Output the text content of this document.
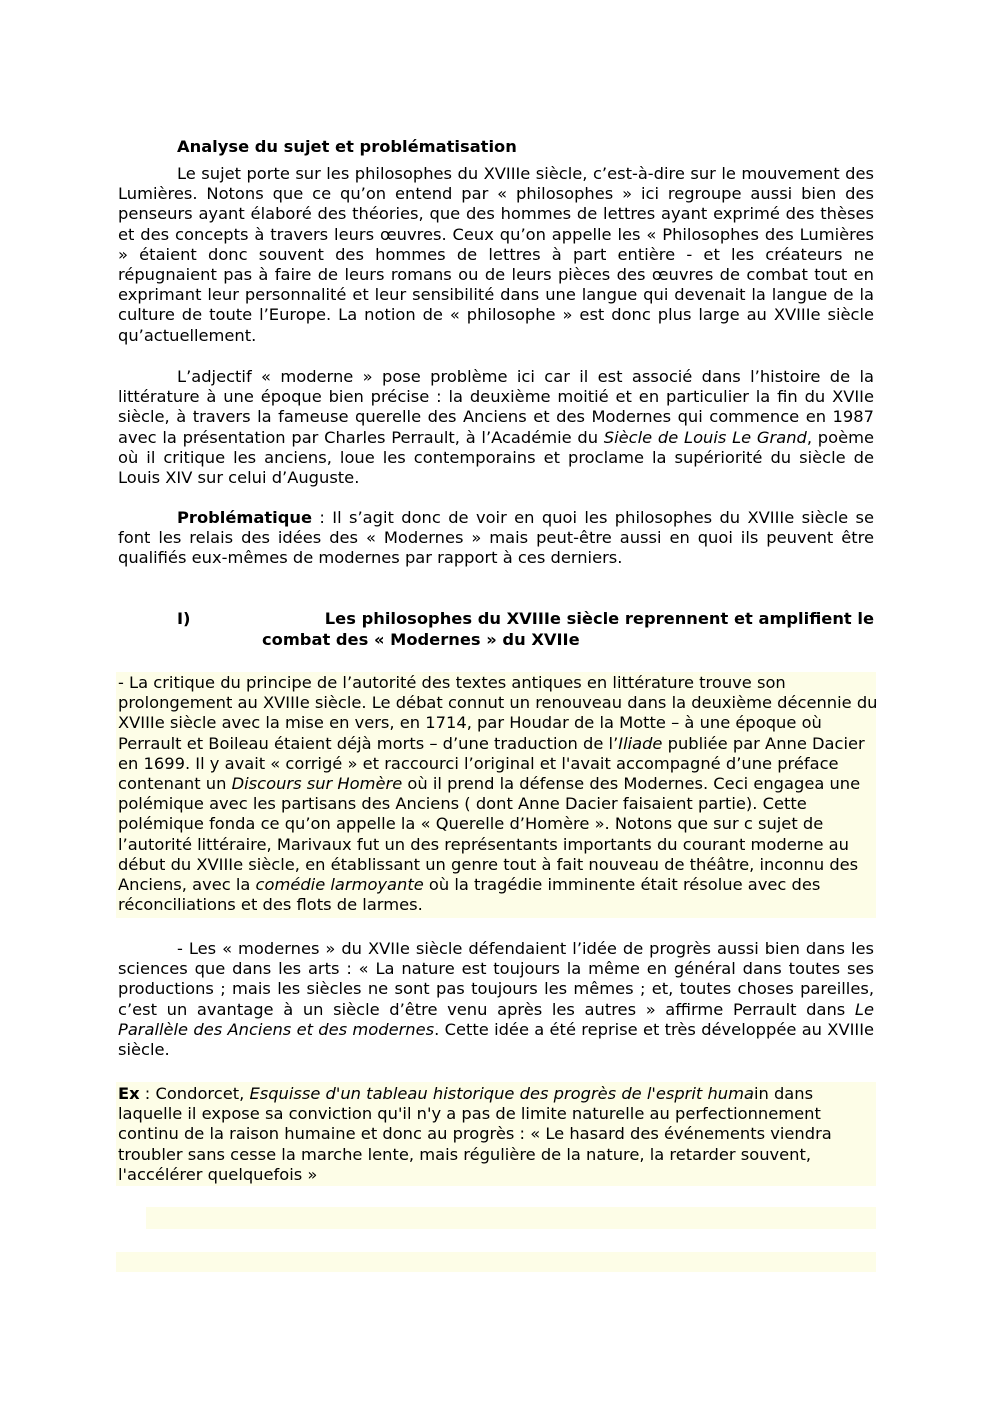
Analyse du sujet et problématisation

Le sujet porte sur les philosophes du XVIIIe siècle, c’est-à-dire sur le mouvement des Lumières. Notons que ce qu’on entend par « philosophes » ici regroupe aussi bien des penseurs ayant élaboré des théories, que des hommes de lettres ayant exprimé des thèses et des concepts à travers leurs œuvres. Ceux qu’on appelle les « Philosophes des Lumières » étaient donc souvent des hommes de lettres à part entière - et les créateurs ne répugnaient pas à faire de leurs romans ou de leurs pièces des œuvres de combat tout en exprimant leur personnalité et leur sensibilité dans une langue qui devenait la langue de la culture de toute l’Europe. La notion de « philosophe » est donc plus large au XVIIIe siècle qu’actuellement.

L’adjectif « moderne » pose problème ici car il est associé dans l’histoire de la littérature à une époque bien précise : la deuxième moitié et en particulier la fin du XVIIe siècle, à travers la fameuse querelle des Anciens et des Modernes qui commence en 1987 avec la présentation par Charles Perrault, à l’Académie du Siècle de Louis Le Grand, poème où il critique les anciens, loue les contemporains et proclame la supériorité du siècle de Louis XIV sur celui d’Auguste.

Problématique : Il s’agit donc de voir en quoi les philosophes du XVIIIe siècle se font les relais des idées des « Modernes » mais peut-être aussi en quoi ils peuvent être qualifiés eux-mêmes de modernes par rapport à ces derniers.

I)	Les philosophes du XVIIIe siècle reprennent et amplifient le
combat des « Modernes » du XVIIe

- La critique du principe de l’autorité des textes antiques en littérature trouve son prolongement au XVIIIe siècle. Le débat connut un renouveau dans la deuxième décennie du XVIIIe siècle avec la mise en vers, en 1714, par Houdar de la Motte – à une époque où Perrault et Boileau étaient déjà morts – d’une traduction de l’Iliade publiée par Anne Dacier en 1699. Il y avait « corrigé » et raccourci l’original et l'avait accompagné d’une préface contenant un Discours sur Homère où il prend la défense des Modernes. Ceci engagea une polémique avec les partisans des Anciens ( dont Anne Dacier faisaient partie). Cette polémique fonda ce qu’on appelle la « Querelle d’Homère ». Notons que sur c sujet de l’autorité littéraire, Marivaux fut un des représentants importants du courant moderne au début du XVIIIe siècle, en établissant un genre tout à fait nouveau de théâtre, inconnu des Anciens, avec la comédie larmoyante où la tragédie imminente était résolue avec des réconciliations et des flots de larmes.

- Les « modernes » du XVIIe siècle défendaient l’idée de progrès aussi bien dans les sciences que dans les arts : « La nature est toujours la même en général dans toutes ses productions ; mais les siècles ne sont pas toujours les mêmes ; et, toutes choses pareilles, c’est un avantage à un siècle d’être venu après les autres » affirme Perrault dans Le Parallèle des Anciens et des modernes. Cette idée a été reprise et très développée au XVIIIe siècle.

Ex : Condorcet, Esquisse d'un tableau historique des progrès de l'esprit humain dans laquelle il expose sa conviction qu'il n'y a pas de limite naturelle au perfectionnement continu de la raison humaine et donc au progrès : « Le hasard des événements viendra troubler sans cesse la marche lente, mais régulière de la nature, la retarder souvent, l'accélérer quelquefois »
